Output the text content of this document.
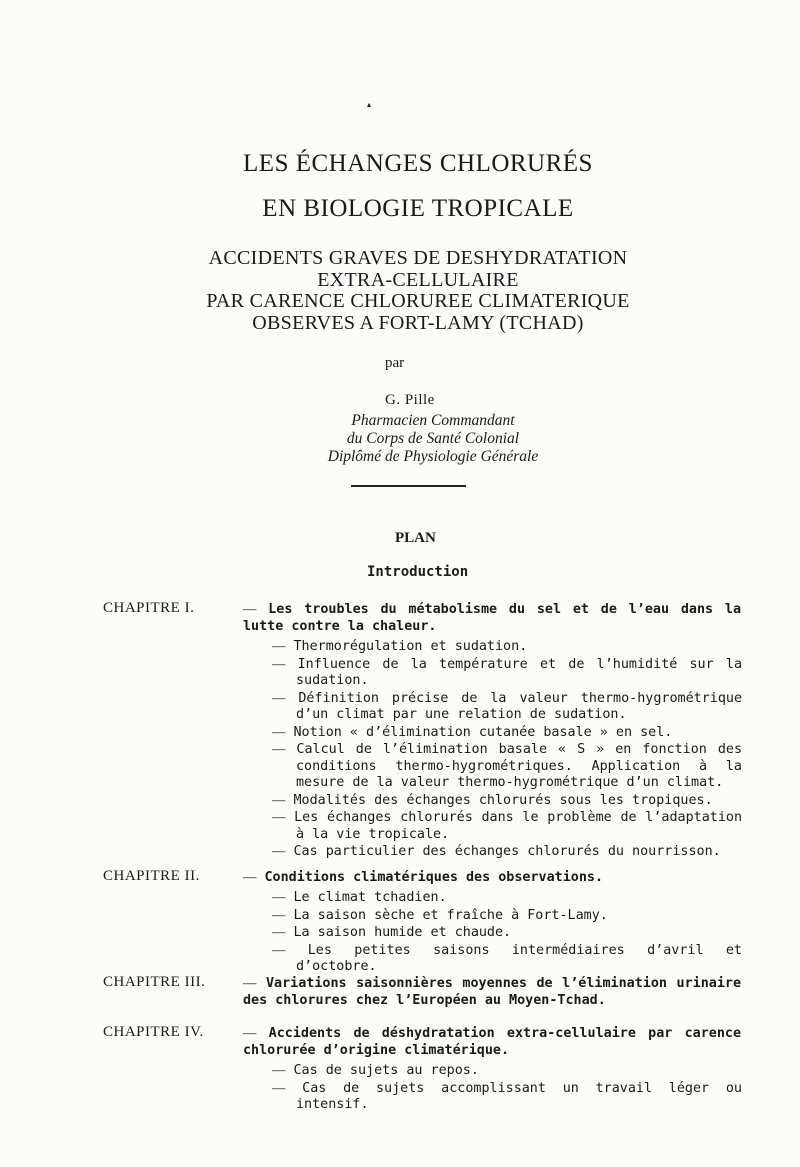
▴
LES ÉCHANGES CHLORURÉS
EN BIOLOGIE TROPICALE
ACCIDENTS GRAVES DE DESHYDRATATION
EXTRA-CELLULAIRE
PAR CARENCE CHLORUREE CLIMATERIQUE
OBSERVES A FORT-LAMY (TCHAD)
par
G. Pille
Pharmacien Commandant
du Corps de Santé Colonial
Diplômé de Physiologie Générale
PLAN
Introduction
CHAPITRE I.	— Les troubles du métabolisme du sel et de l’eau dans la lutte contre la chaleur.
— Thermorégulation et sudation.
— Influence de la température et de l’humidité sur la sudation.
— Définition précise de la valeur thermo-hygrométrique d’un climat par une relation de sudation.
— Notion « d’élimination cutanée basale » en sel.
— Calcul de l’élimination basale « S » en fonction des conditions thermo-hygrométriques. Application à la mesure de la valeur thermo-hygrométrique d’un climat.
— Modalités des échanges chlorurés sous les tropiques.
— Les échanges chlorurés dans le problème de l’adaptation à la vie tropicale.
— Cas particulier des échanges chlorurés du nourrisson.
CHAPITRE II.	— Conditions climatériques des observations.
— Le climat tchadien.
— La saison sèche et fraîche à Fort-Lamy.
— La saison humide et chaude.
— Les petites saisons intermédiaires d’avril et d’octobre.
CHAPITRE III.	— Variations saisonnières moyennes de l’élimination urinaire des chlorures chez l’Européen au Moyen-Tchad.
CHAPITRE IV.	— Accidents de déshydratation extra-cellulaire par carence chlorurée d’origine climatérique.
— Cas de sujets au repos.
— Cas de sujets accomplissant un travail léger ou intensif.
